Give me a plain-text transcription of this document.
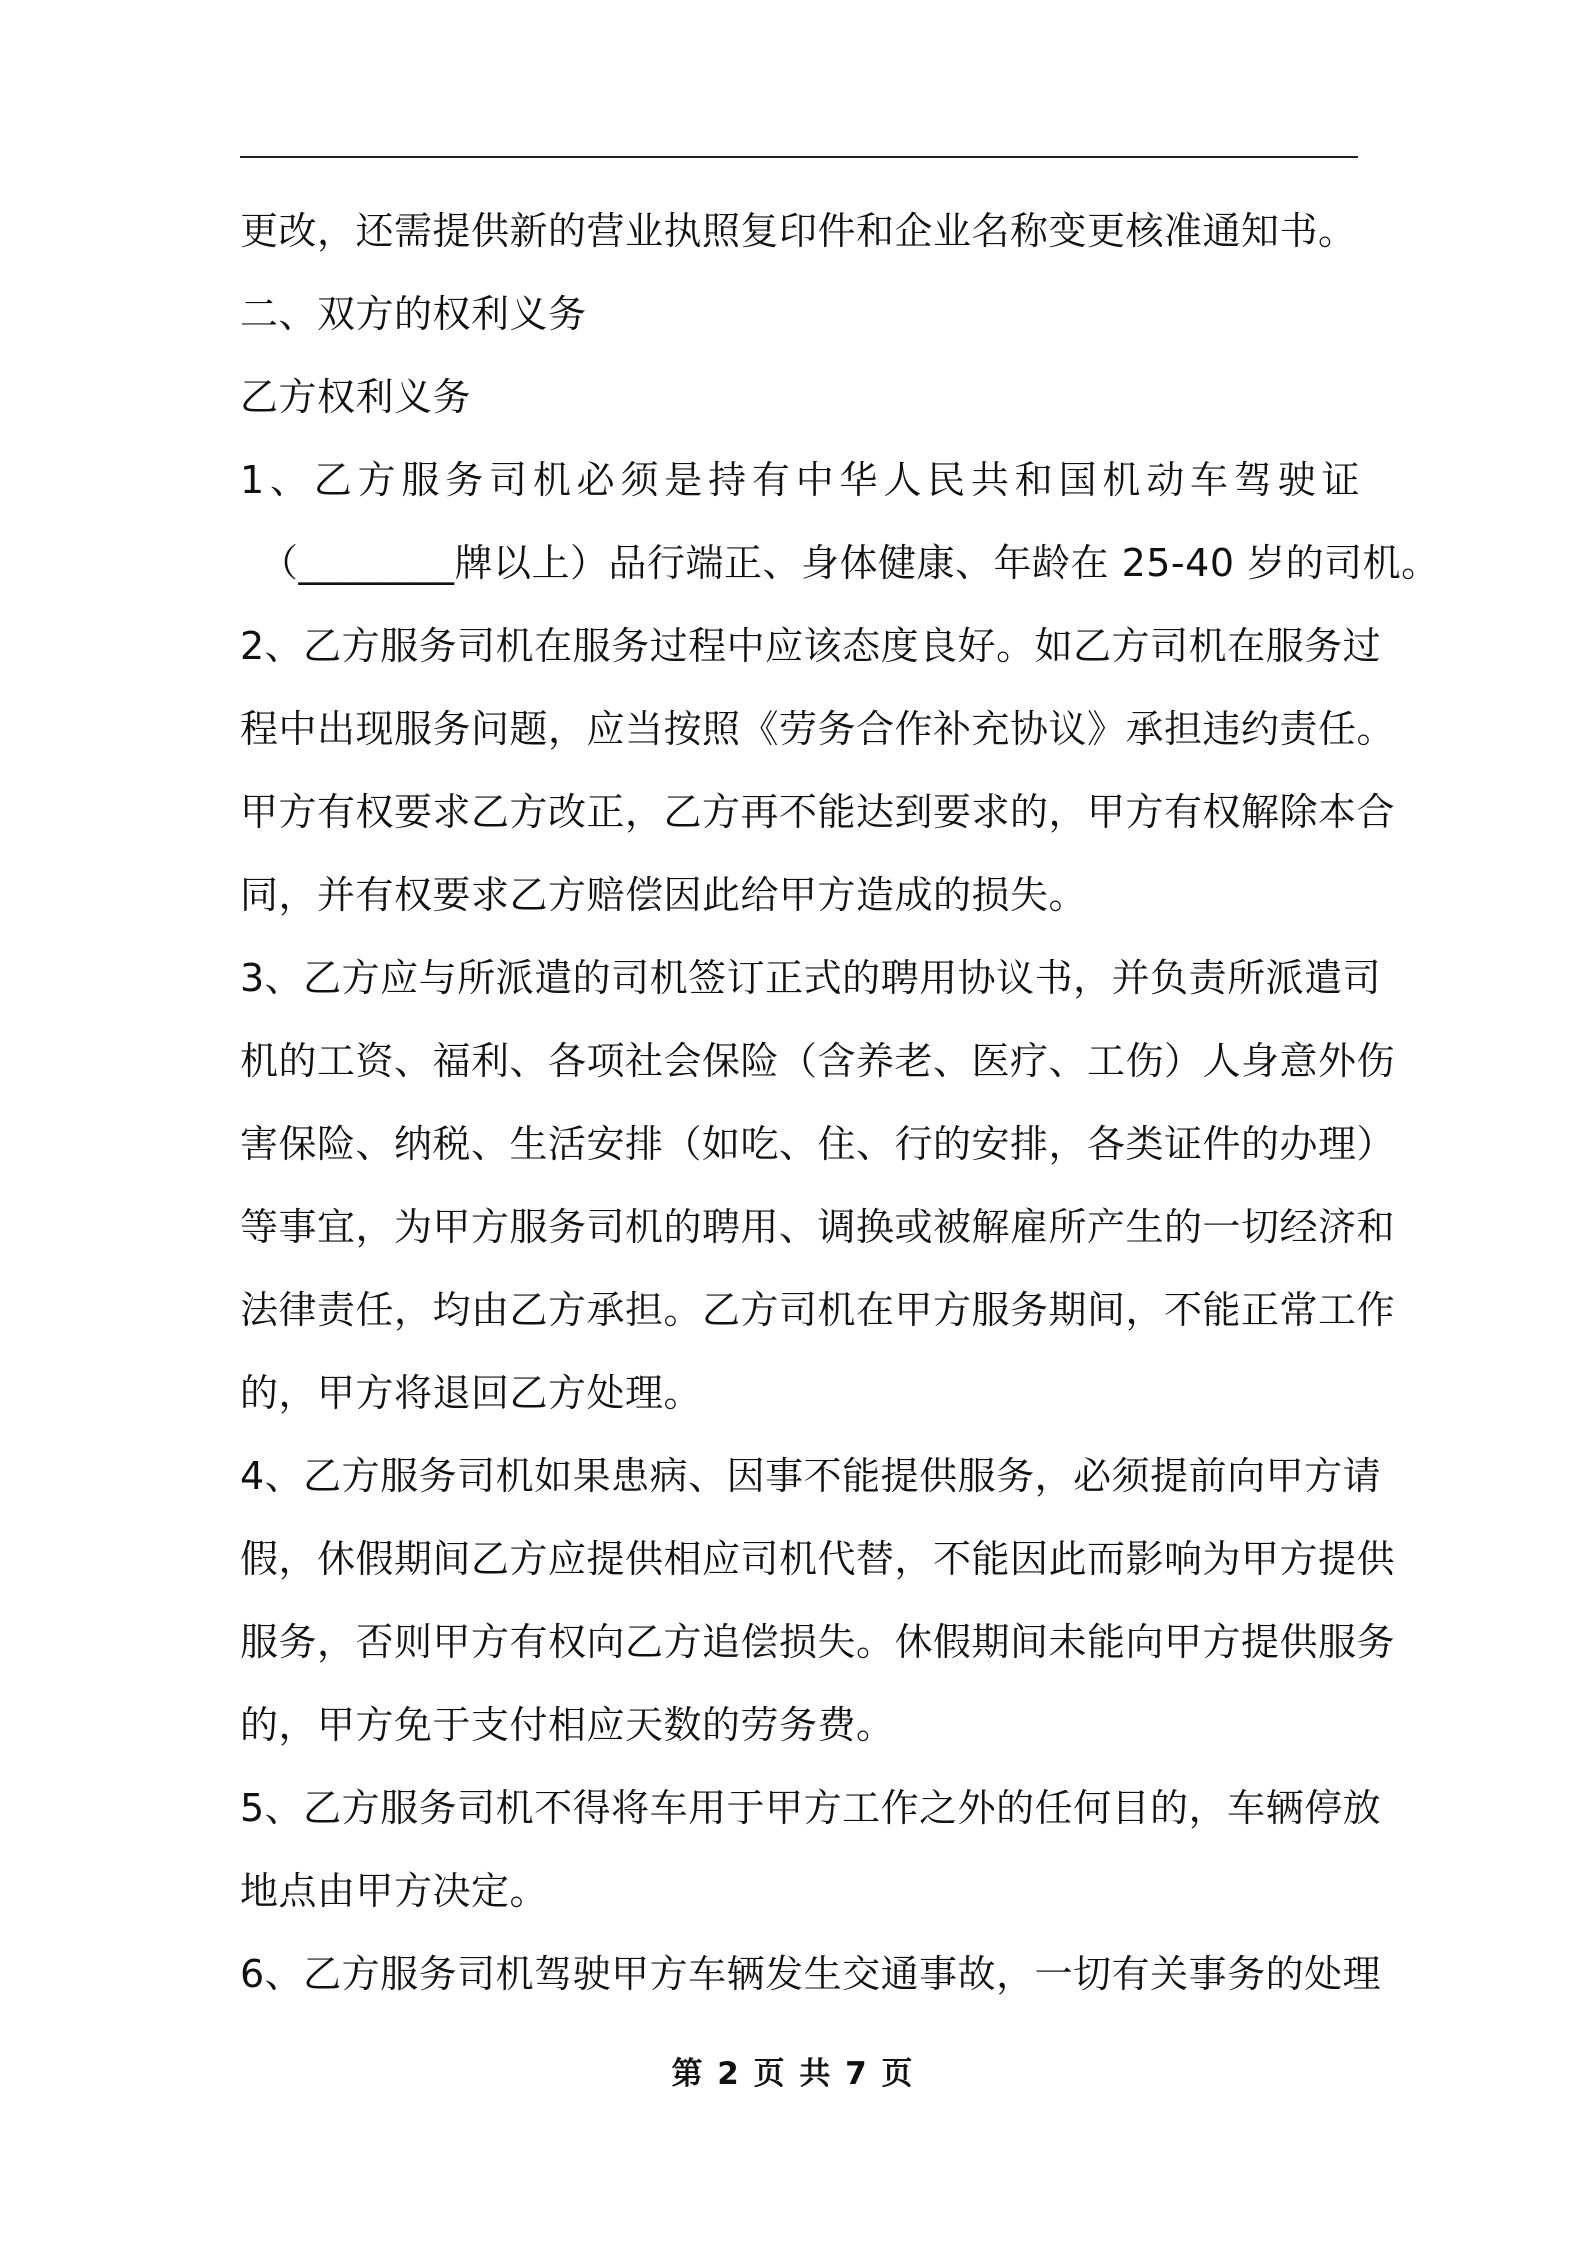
更改，还需提供新的营业执照复印件和企业名称变更核准通知书。
二、双方的权利义务
乙方权利义务
1、乙方服务司机必须是持有中华人民共和国机动车驾驶证
（________牌以上）品行端正、身体健康、年龄在 25-40 岁的司机。
2、乙方服务司机在服务过程中应该态度良好。如乙方司机在服务过
程中出现服务问题，应当按照《劳务合作补充协议》承担违约责任。
甲方有权要求乙方改正，乙方再不能达到要求的，甲方有权解除本合
同，并有权要求乙方赔偿因此给甲方造成的损失。
3、乙方应与所派遣的司机签订正式的聘用协议书，并负责所派遣司
机的工资、福利、各项社会保险（含养老、医疗、工伤）人身意外伤
害保险、纳税、生活安排（如吃、住、行的安排，各类证件的办理）
等事宜，为甲方服务司机的聘用、调换或被解雇所产生的一切经济和
法律责任，均由乙方承担。乙方司机在甲方服务期间，不能正常工作
的，甲方将退回乙方处理。
4、乙方服务司机如果患病、因事不能提供服务，必须提前向甲方请
假，休假期间乙方应提供相应司机代替，不能因此而影响为甲方提供
服务，否则甲方有权向乙方追偿损失。休假期间未能向甲方提供服务
的，甲方免于支付相应天数的劳务费。
5、乙方服务司机不得将车用于甲方工作之外的任何目的，车辆停放
地点由甲方决定。
6、乙方服务司机驾驶甲方车辆发生交通事故，一切有关事务的处理
第 2 页 共 7 页
